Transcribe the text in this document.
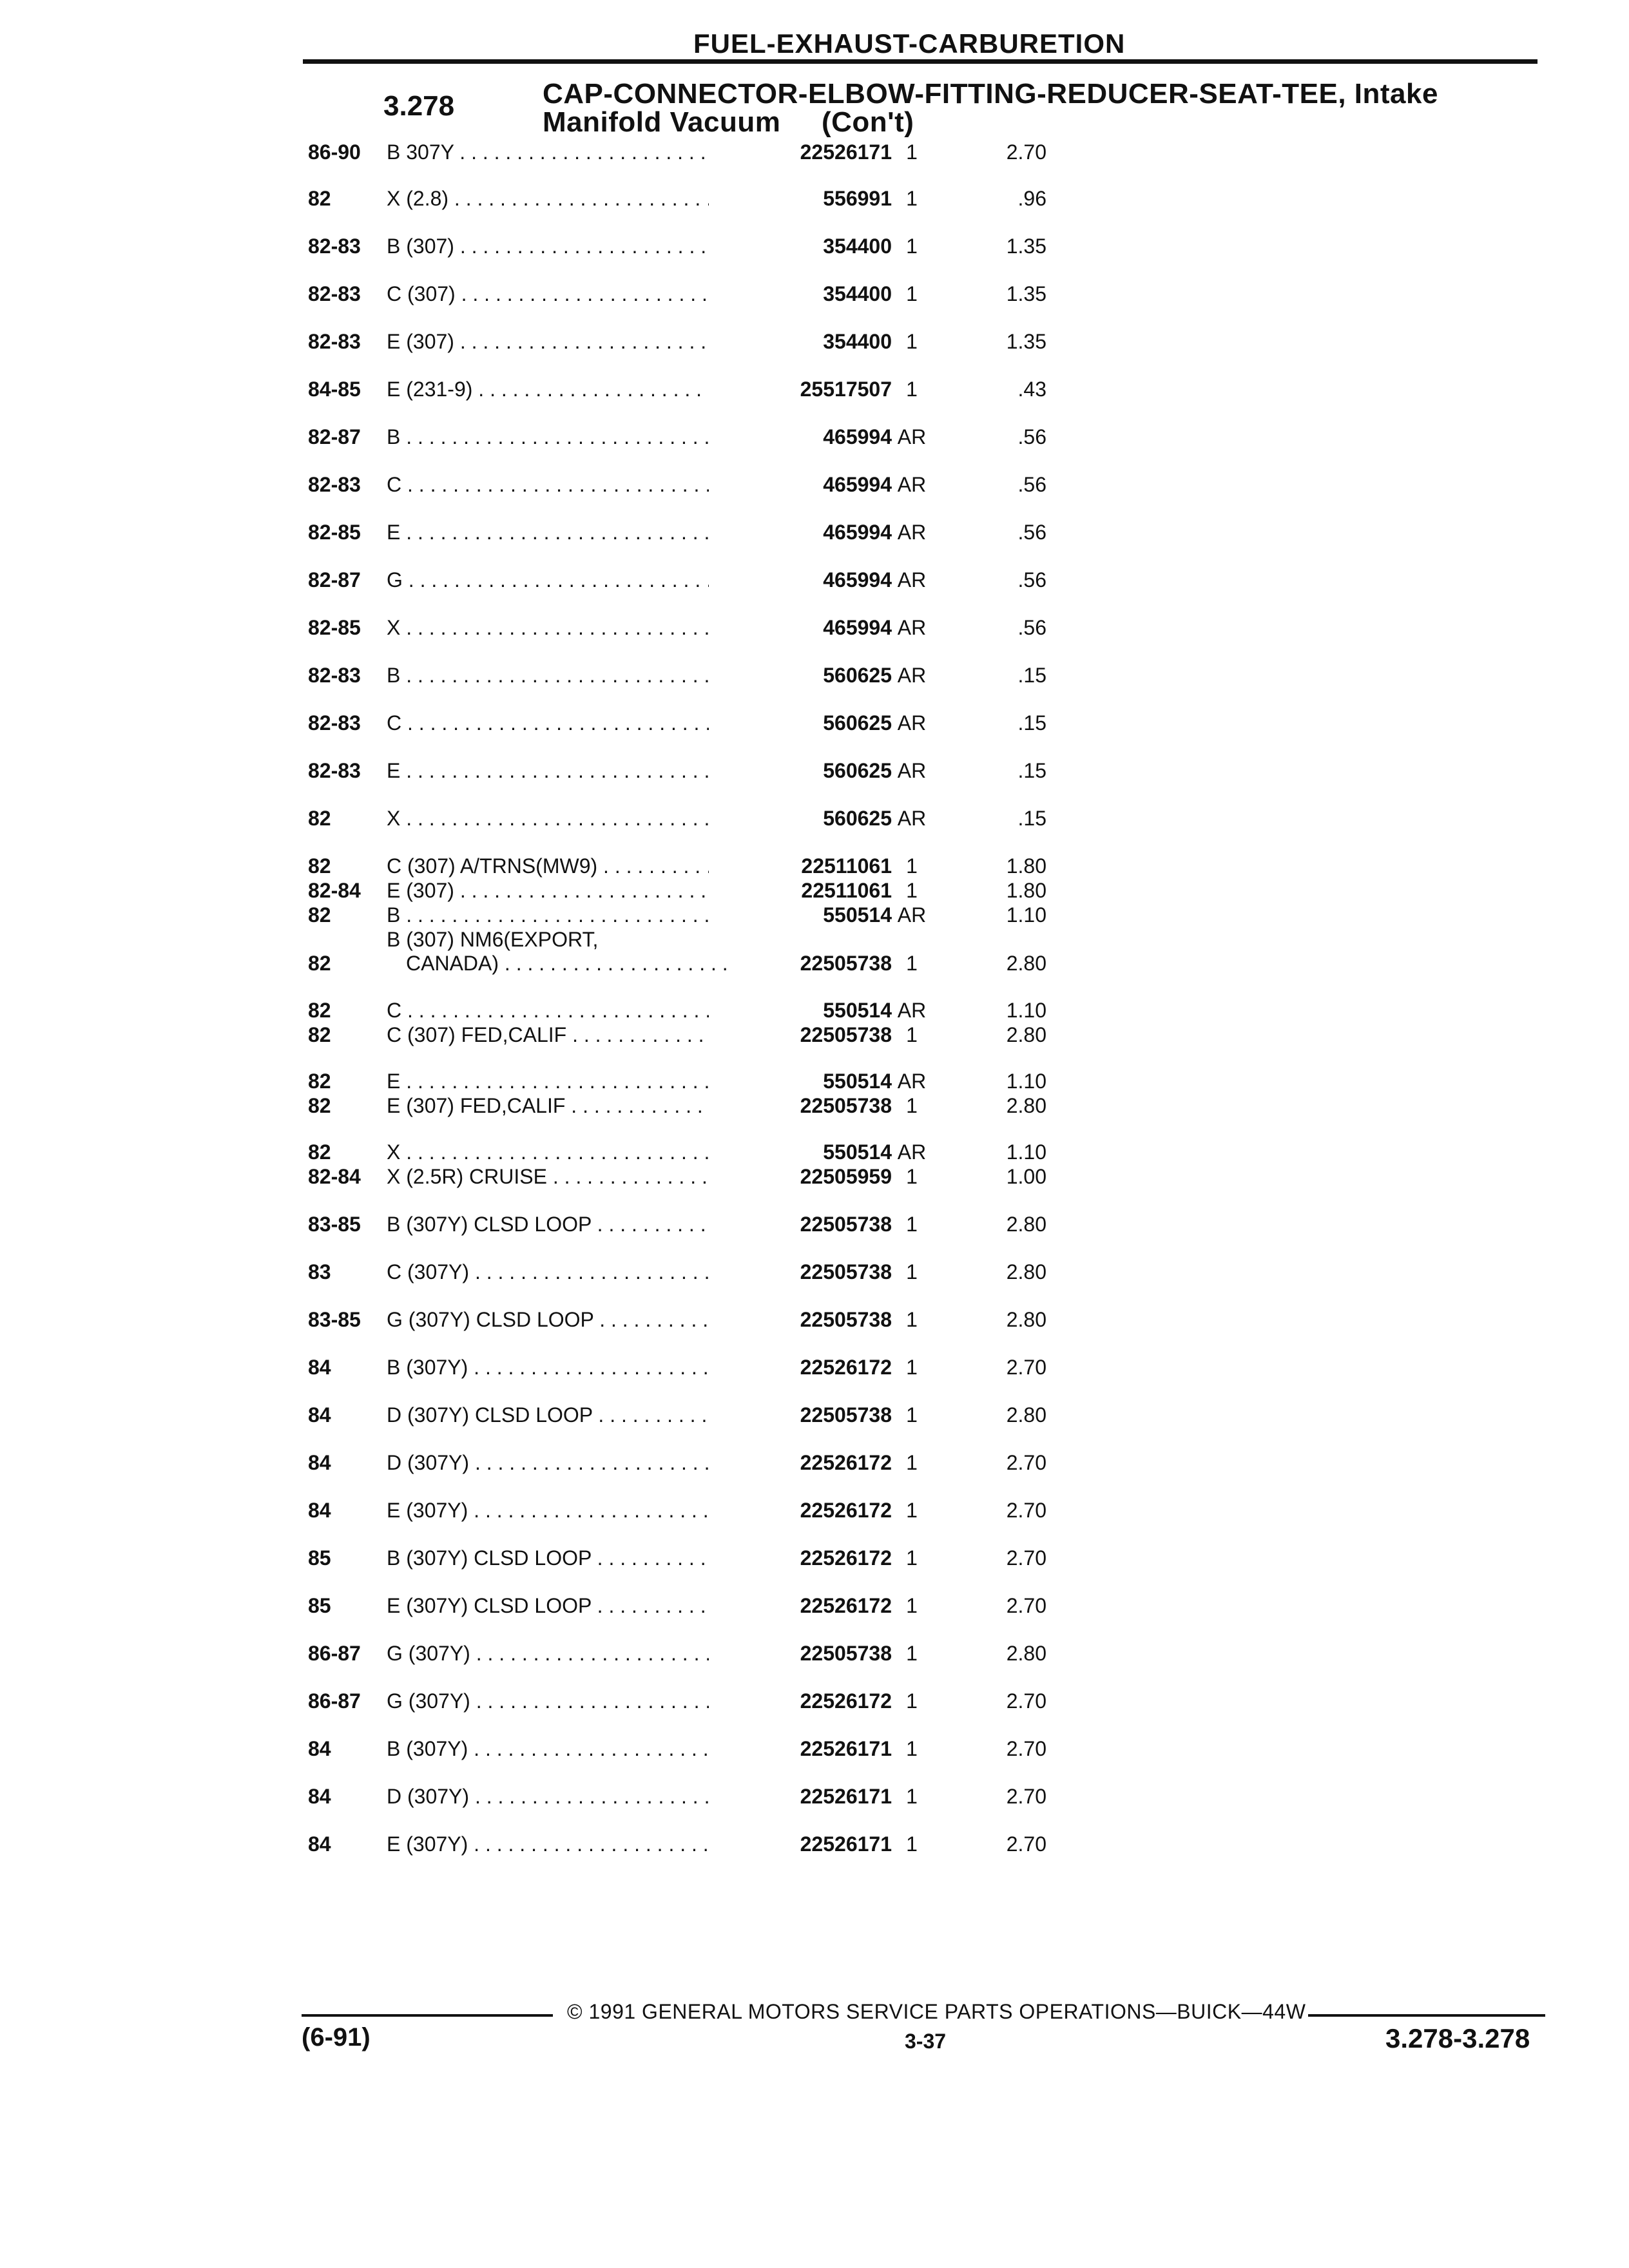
FUEL-EXHAUST-CARBURETION
3.278	CAP-CONNECTOR-ELBOW-FITTING-REDUCER-SEAT-TEE, Intake
Manifold Vacuum     (Con't)
86-90 B 307Y . . .	22526171 1	2.70
82	X (2.8) . . .	556991 1	.96
82-83 B (307) . . .	354400 1	1.35
82-83 C (307) . . .	354400 1	1.35
82-83 E (307) . . .	354400 1	1.35
84-85 E (231-9) . . .	25517507 1	.43
82-87 B . . .	465994 AR	.56
82-83 C . . .	465994 AR	.56
82-85 E . . .	465994 AR	.56
82-87 G . . .	465994 AR	.56
82-85 X . . .	465994 AR	.56
82-83 B . . .	560625 AR	.15
82-83 C . . .	560625 AR	.15
82-83 E . . .	560625 AR	.15
82	X . . .	560625 AR	.15
82	C (307) A/TRNS(MW9) . . .	22511061 1	1.80
82-84 E (307) . . .	22511061 1	1.80
82	B . . .	550514 AR	1.10
82
B (307) NM6(EXPORT,
CANADA) . . .	22505738 1	2.80
82	C . . .	550514 AR	1.10
82	C (307) FED,CALIF . . .	22505738 1	2.80
82	E . . .	550514 AR	1.10
82	E (307) FED,CALIF . . .	22505738 1	2.80
82	X . . .	550514 AR	1.10
82-84 X (2.5R) CRUISE . . .	22505959 1	1.00
83-85 B (307Y) CLSD LOOP . . .	22505738 1	2.80
83	C (307Y) . . .	22505738 1	2.80
83-85 G (307Y) CLSD LOOP . . .	22505738 1	2.80
84	B (307Y) . . .	22526172 1	2.70
84	D (307Y) CLSD LOOP . . .	22505738 1	2.80
84	D (307Y) . . .	22526172 1	2.70
84	E (307Y) . . .	22526172 1	2.70
85	B (307Y) CLSD LOOP . . .	22526172 1	2.70
85	E (307Y) CLSD LOOP . . .	22526172 1	2.70
86-87 G (307Y) . . .	22505738 1	2.80
86-87 G (307Y) . . .	22526172 1	2.70
84	B (307Y) . . .	22526171 1	2.70
84	D (307Y) . . .	22526171 1	2.70
84	E (307Y) . . .	22526171 1	2.70
© 1991 GENERAL MOTORS SERVICE PARTS OPERATIONS—BUICK—44W
(6-91)	3-37	3.278-3.278
